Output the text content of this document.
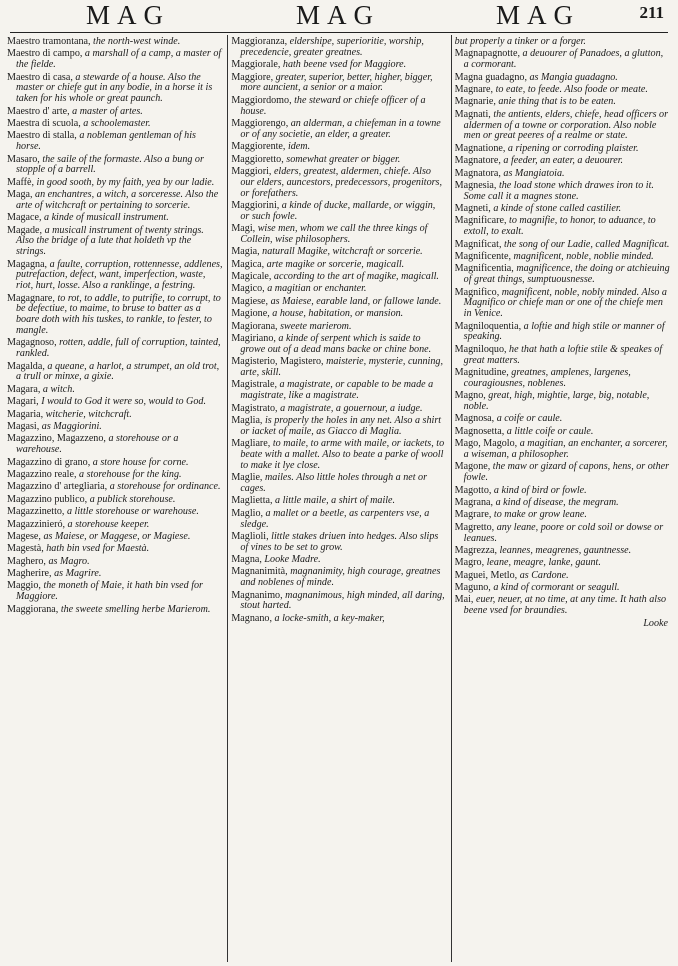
MAG	MAG	MAG	211

Maestro tramontana, the north-west winde.

Maestro di campo, a marshall of a camp, a master of the fielde.

Maestro di casa, a stewarde of a house. Also the master or chiefe gut in any bodie, in a horse it is taken for his whole or great paunch.

Maestro d' arte, a master of artes.

Maestra di scuola, a schoolemaster.

Maestro di stalla, a nobleman gentleman of his horse.

Masaro, the saile of the formaste. Also a bung or stopple of a barrell.

Maffè, in good sooth, by my faith, yea by our ladie.

Maga, an enchantres, a witch, a sorceresse. Also the arte of witchcraft or pertaining to sorcerie.

Magace, a kinde of musicall instrument.

Magade, a musicall instrument of twenty strings. Also the bridge of a lute that holdeth vp the strings.

Magagna, a faulte, corruption, rottennesse, addlenes, putrefaction, defect, want, imperfection, waste, riot, hurt, losse. Also a ranklinge, a festring.

Magagnare, to rot, to addle, to putrifie, to corrupt, to be defectiue, to maime, to bruse to batter as a boare doth with his tuskes, to rankle, to fester, to mangle.

Magagnoso, rotten, addle, full of corruption, tainted, rankled.

Magalda, a queane, a harlot, a strumpet, an old trot, a trull or minxe, a gixie.

Magara, a witch.

Magari, I would to God it were so, would to God.

Magaria, witcherie, witchcraft.

Magasi, as Maggiorini.

Magazzino, Magazzeno, a storehouse or a warehouse.

Magazzino di grano, a store house for corne.

Magazzino reale, a storehouse for the king.

Magazzino d' artegliaria, a storehouse for ordinance.

Magazzino publico, a publick storehouse.

Magazzinetto, a little storehouse or warehouse.

Magazzinieró, a storehouse keeper.

Magese, as Maiese, or Maggese, or Magiese.

Magestà, hath bin vsed for Maestà.

Maghero, as Magro.

Magherire, as Magrire.

Maggio, the moneth of Maie, it hath bin vsed for Maggiore.

Maggiorana, the sweete smelling herbe Marierom.

Maggioranza, eldershipe, superioritie, worship, precedencie, greater greatnes.

Maggiorale, hath beene vsed for Maggiore.

Maggiore, greater, superior, better, higher, bigger, more auncient, a senior or a maior.

Maggiordomo, the steward or chiefe officer of a house.

Maggiorengo, an alderman, a chiefeman in a towne or of any societie, an elder, a greater.

Maggiorente, idem.

Maggioretto, somewhat greater or bigger.

Maggiori, elders, greatest, aldermen, chiefe. Also our elders, auncestors, predecessors, progenitors, or forefathers.

Maggiorini, a kinde of ducke, mallarde, or wiggin, or such fowle.

Magi, wise men, whom we call the three kings of Collein, wise philosophers.

Magia, naturall Magike, witchcraft or sorcerie.

Magica, arte magike or sorcerie, magicall.

Magicale, according to the art of magike, magicall.

Magico, a magitian or enchanter.

Magiese, as Maiese, earable land, or fallowe lande.

Magione, a house, habitation, or mansion.

Magiorana, sweete marierom.

Magiriano, a kinde of serpent which is saide to growe out of a dead mans backe or chine bone.

Magisterio, Magistero, maisterie, mysterie, cunning, arte, skill.

Magistrale, a magistrate, or capable to be made a magistrate, like a magistrate.

Magistrato, a magistrate, a gouernour, a iudge.

Maglia, is properly the holes in any net. Also a shirt or iacket of maile, as Giacco di Maglia.

Magliare, to maile, to arme with maile, or iackets, to beate with a mallet. Also to beate a parke of wooll to make it lye close.

Maglie, mailes. Also little holes through a net or cages.

Maglietta, a little maile, a shirt of maile.

Maglio, a mallet or a beetle, as carpenters vse, a sledge.

Maglioli, little stakes driuen into hedges. Also slips of vines to be set to grow.

Magna, Looke Madre.

Magnanimità, magnanimity, high courage, greatnes and noblenes of minde.

Magnanimo, magnanimous, high minded, all daring, stout harted.

Magnano, a locke-smith, a key-maker,

but properly a tinker or a forger.

Magnapagnotte, a deuourer of Panadoes, a glutton, a cormorant.

Magna guadagno, as Mangia guadagno.

Magnare, to eate, to feede. Also foode or meate.

Magnarie, anie thing that is to be eaten.

Magnati, the antients, elders, chiefe, head officers or aldermen of a towne or corporation. Also noble men or great peeres of a realme or state.

Magnatione, a ripening or corroding plaister.

Magnatore, a feeder, an eater, a deuourer.

Magnatora, as Mangiatoia.

Magnesia, the load stone which drawes iron to it. Some call it a magnes stone.

Magneti, a kinde of stone called castilier.

Magnificare, to magnifie, to honor, to aduance, to extoll, to exalt.

Magnificat, the song of our Ladie, called Magnificat.

Magnificente, magnificent, noble, noblie minded.

Magnificentia, magnificence, the doing or atchieuing of great things, sumptuousnesse.

Magnifico, magnificent, noble, nobly minded. Also a Magnifico or chiefe man or one of the chiefe men in Venice.

Magniloquentia, a loftie and high stile or manner of speaking.

Magniloquo, he that hath a loftie stile & speakes of great matters.

Magnitudine, greatnes, amplenes, largenes, couragiousnes, noblenes.

Magno, great, high, mightie, large, big, notable, noble.

Magnosa, a coife or caule.

Magnosetta, a little coife or caule.

Mago, Magolo, a magitian, an enchanter, a sorcerer, a wiseman, a philosopher.

Magone, the maw or gizard of capons, hens, or other fowle.

Magotto, a kind of bird or fowle.

Magrana, a kind of disease, the megram.

Magrare, to make or grow leane.

Magretto, any leane, poore or cold soil or dowse or leanues.

Magrezza, leannes, meagrenes, gauntnesse.

Magro, leane, meagre, lanke, gaunt.

Maguei, Metlo, as Cardone.

Maguno, a kind of cormorant or seagull.

Mai, euer, neuer, at no time, at any time. It hath also beene vsed for braundies.

Looke
